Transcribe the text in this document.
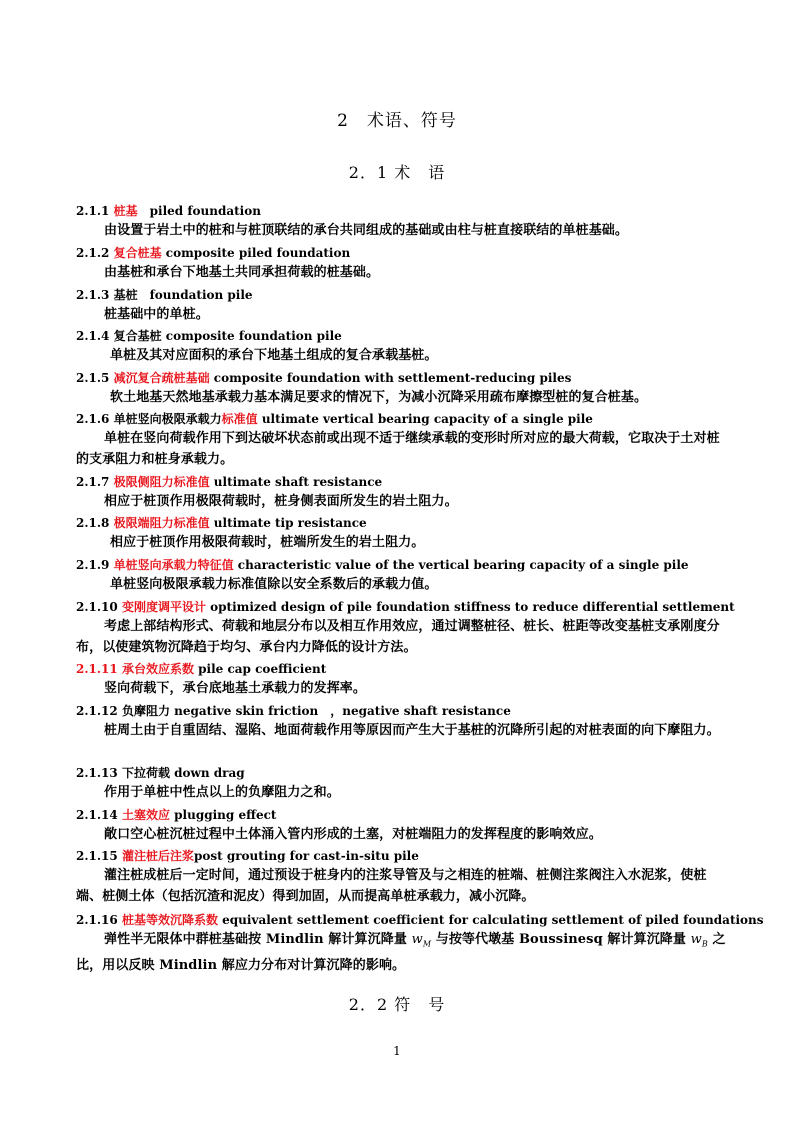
2　术语、符号
2．1 术　语
2.1.1 桩基　 piled foundation
由设置于岩土中的桩和与桩顶联结的承台共同组成的基础或由柱与桩直接联结的单桩基础。
2.1.2 复合桩基 composite piled foundation
由基桩和承台下地基土共同承担荷载的桩基础。
2.1.3 基桩　 foundation pile
桩基础中的单桩。
2.1.4 复合基桩 composite foundation pile
单桩及其对应面积的承台下地基土组成的复合承载基桩。
2.1.5 减沉复合疏桩基础 composite foundation with settlement-reducing piles
软土地基天然地基承载力基本满足要求的情况下，为减小沉降采用疏布摩擦型桩的复合桩基。
2.1.6 单桩竖向极限承载力标准值 ultimate vertical bearing capacity of a single pile
单桩在竖向荷载作用下到达破坏状态前或出现不适于继续承载的变形时所对应的最大荷载，它取决于土对桩的支承阻力和桩身承载力。
2.1.7 极限侧阻力标准值 ultimate shaft resistance
相应于桩顶作用极限荷载时，桩身侧表面所发生的岩土阻力。
2.1.8 极限端阻力标准值 ultimate tip resistance
相应于桩顶作用极限荷载时，桩端所发生的岩土阻力。
2.1.9 单桩竖向承载力特征值 characteristic value of the vertical bearing capacity of a single pile
单桩竖向极限承载力标准值除以安全系数后的承载力值。
2.1.10 变刚度调平设计 optimized design of pile foundation stiffness to reduce differential settlement
考虑上部结构形式、荷载和地层分布以及相互作用效应，通过调整桩径、桩长、桩距等改变基桩支承刚度分布，以使建筑物沉降趋于均匀、承台内力降低的设计方法。
2.1.11 承台效应系数 pile cap coefficient
竖向荷载下，承台底地基土承载力的发挥率。
2.1.12 负摩阻力 negative skin friction　，negative shaft resistance
桩周土由于自重固结、湿陷、地面荷载作用等原因而产生大于基桩的沉降所引起的对桩表面的向下摩阻力。
2.1.13 下拉荷载 down drag
作用于单桩中性点以上的负摩阻力之和。
2.1.14 土塞效应 plugging effect
敞口空心桩沉桩过程中土体涌入管内形成的土塞，对桩端阻力的发挥程度的影响效应。
2.1.15 灌注桩后注浆post grouting for cast-in-situ pile
灌注桩成桩后一定时间，通过预设于桩身内的注浆导管及与之相连的桩端、桩侧注浆阀注入水泥浆，使桩端、桩侧土体（包括沉渣和泥皮）得到加固，从而提高单桩承载力，减小沉降。
2.1.16 桩基等效沉降系数 equivalent settlement coefficient for calculating settlement of piled foundations
弹性半无限体中群桩基础按 Mindlin 解计算沉降量 $w_M$ 与按等代墩基 Boussinesq 解计算沉降量 $w_B$ 之比，用以反映 Mindlin 解应力分布对计算沉降的影响。
2．2 符　号
1
